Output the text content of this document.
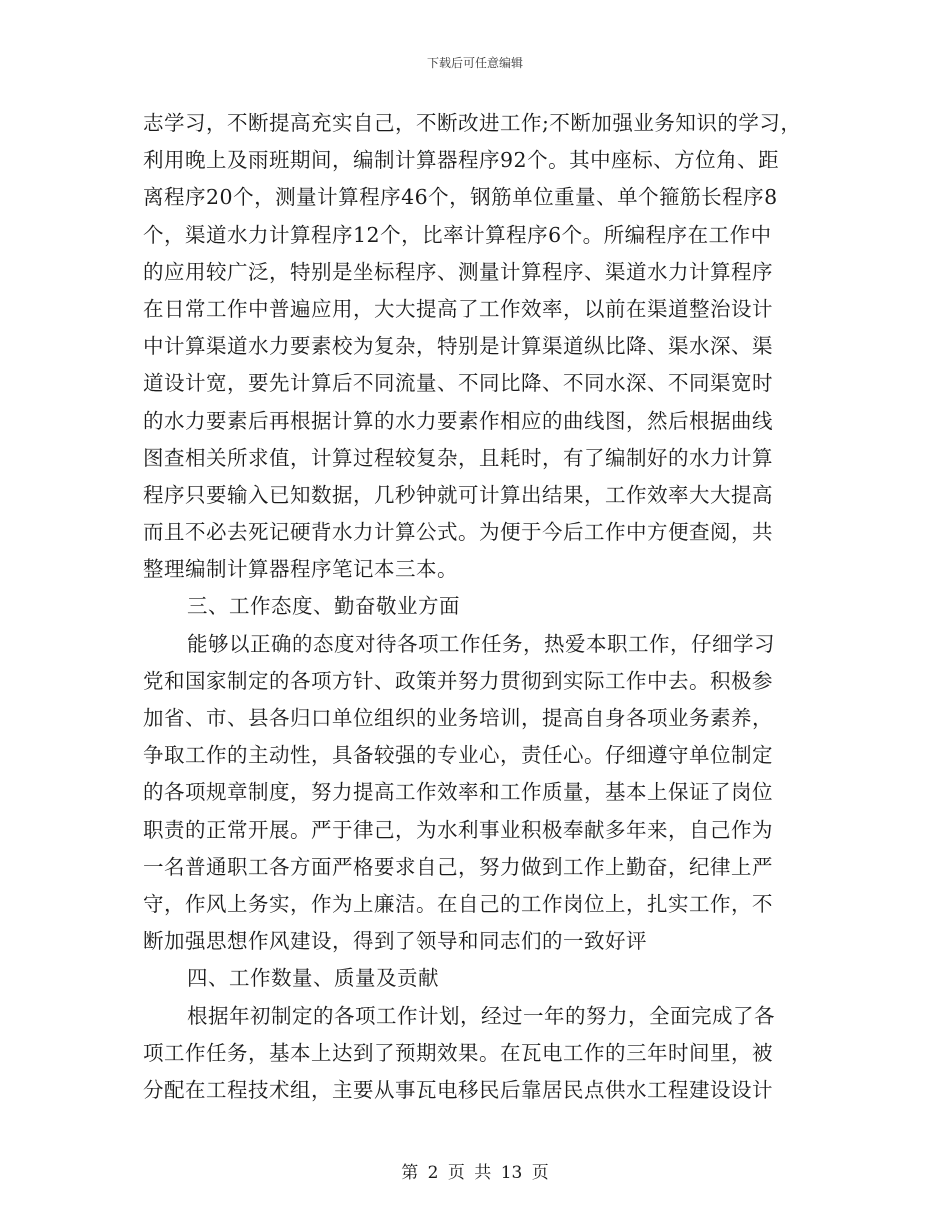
下载后可任意编辑
志学习，不断提高充实自己，不断改进工作;不断加强业务知识的学习，
利用晚上及雨班期间，编制计算器程序92个。其中座标、方位角、距
离程序20个，测量计算程序46个，钢筋单位重量、单个箍筋长程序8
个，渠道水力计算程序12个，比率计算程序6个。所编程序在工作中
的应用较广泛，特别是坐标程序、测量计算程序、渠道水力计算程序
在日常工作中普遍应用，大大提高了工作效率，以前在渠道整治设计
中计算渠道水力要素校为复杂，特别是计算渠道纵比降、渠水深、渠
道设计宽，要先计算后不同流量、不同比降、不同水深、不同渠宽时
的水力要素后再根据计算的水力要素作相应的曲线图，然后根据曲线
图查相关所求值，计算过程较复杂，且耗时，有了编制好的水力计算
程序只要输入已知数据，几秒钟就可计算出结果，工作效率大大提高
而且不必去死记硬背水力计算公式。为便于今后工作中方便查阅，共
整理编制计算器程序笔记本三本。
三、工作态度、勤奋敬业方面
能够以正确的态度对待各项工作任务，热爱本职工作，仔细学习
党和国家制定的各项方针、政策并努力贯彻到实际工作中去。积极参
加省、市、县各归口单位组织的业务培训，提高自身各项业务素养，
争取工作的主动性，具备较强的专业心，责任心。仔细遵守单位制定
的各项规章制度，努力提高工作效率和工作质量，基本上保证了岗位
职责的正常开展。严于律己，为水利事业积极奉献多年来，自己作为
一名普通职工各方面严格要求自己，努力做到工作上勤奋，纪律上严
守，作风上务实，作为上廉洁。在自己的工作岗位上，扎实工作，不
断加强思想作风建设，得到了领导和同志们的一致好评
四、工作数量、质量及贡献
根据年初制定的各项工作计划，经过一年的努力，全面完成了各
项工作任务，基本上达到了预期效果。在瓦电工作的三年时间里，被
分配在工程技术组，主要从事瓦电移民后靠居民点供水工程建设设计
第 2 页 共 13 页
